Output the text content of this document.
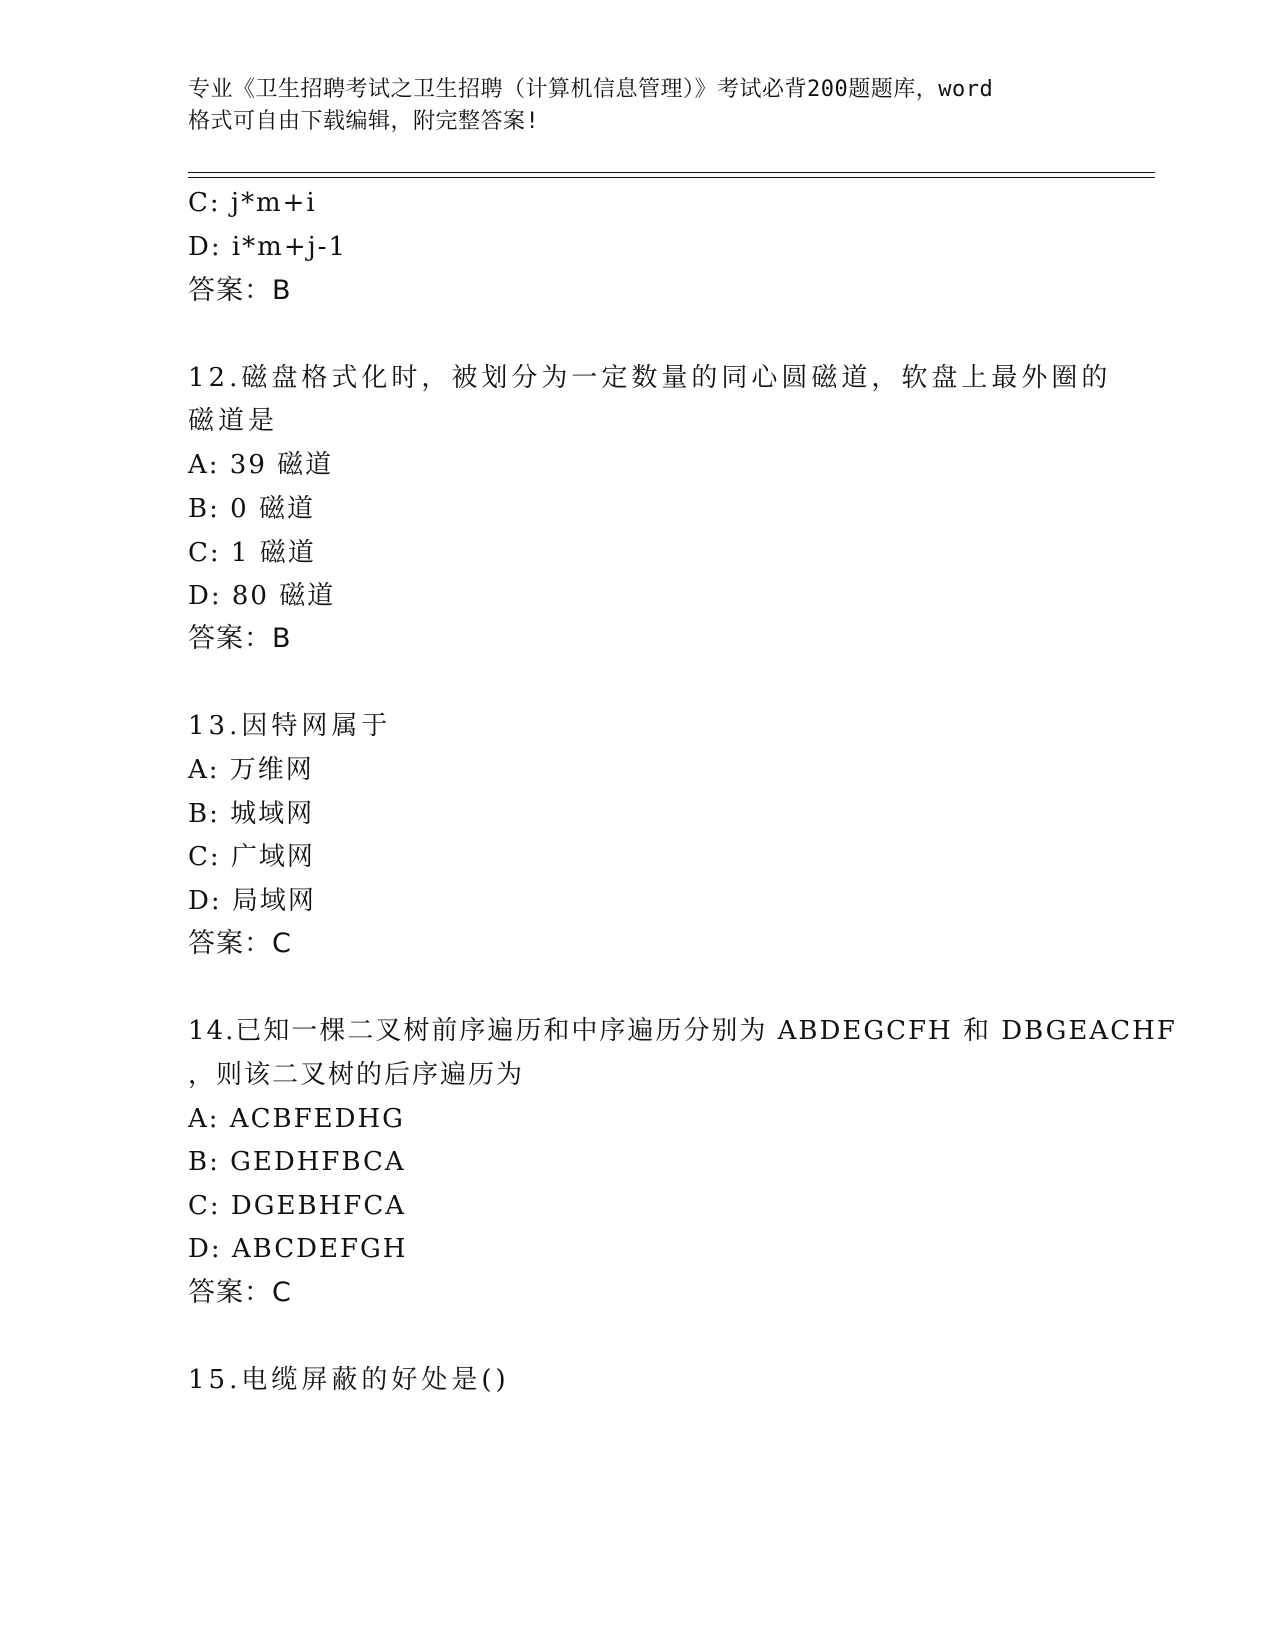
专业《卫生招聘考试之卫生招聘（计算机信息管理）》考试必背200题题库，word
格式可自由下载编辑，附完整答案!
C: j*m+i
D: i*m+j-1
答案：B
12.磁盘格式化时，被划分为一定数量的同心圆磁道，软盘上最外圈的
磁道是
A: 39 磁道
B: 0 磁道
C: 1 磁道
D: 80 磁道
答案：B
13.因特网属于
A: 万维网
B: 城域网
C: 广域网
D: 局域网
答案：C
14.已知一棵二叉树前序遍历和中序遍历分别为 ABDEGCFH 和 DBGEACHF
，则该二叉树的后序遍历为
A: ACBFEDHG
B: GEDHFBCA
C: DGEBHFCA
D: ABCDEFGH
答案：C
15.电缆屏蔽的好处是()
